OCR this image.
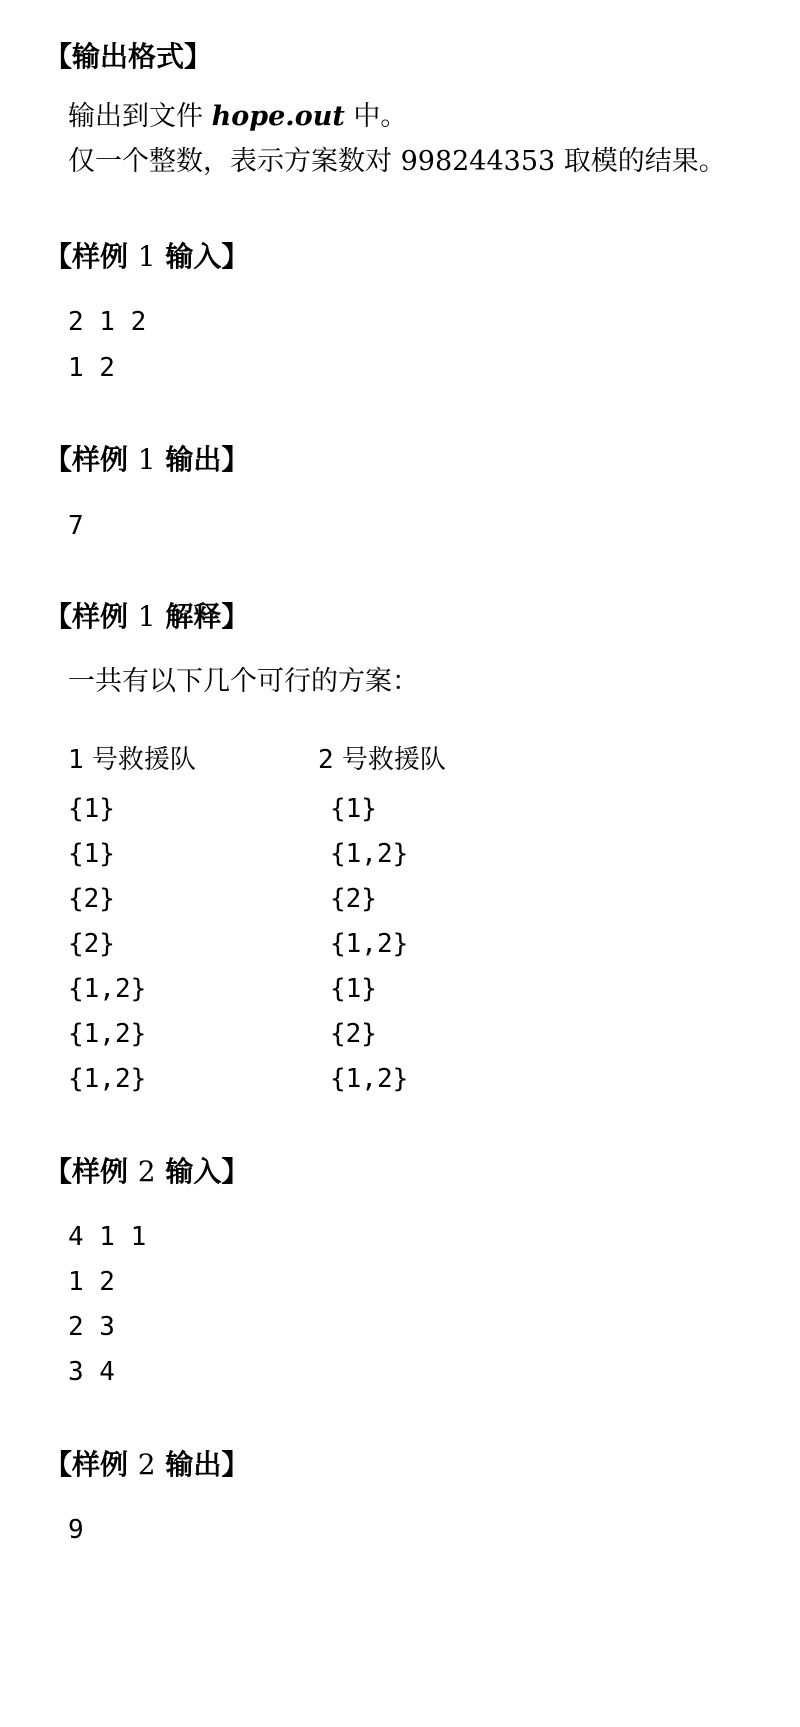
【输出格式】
输出到文件 hope.out 中。
仅一个整数，表示方案数对 998244353 取模的结果。
【样例 1 输入】
2 1 2
1 2
【样例 1 输出】
7
【样例 1 解释】
一共有以下几个可行的方案：
1 号救援队	2 号救援队
{1}	{1}
{1}	{1,2}
{2}	{2}
{2}	{1,2}
{1,2}	{1}
{1,2}	{2}
{1,2}	{1,2}
【样例 2 输入】
4 1 1
1 2
2 3
3 4
【样例 2 输出】
9
